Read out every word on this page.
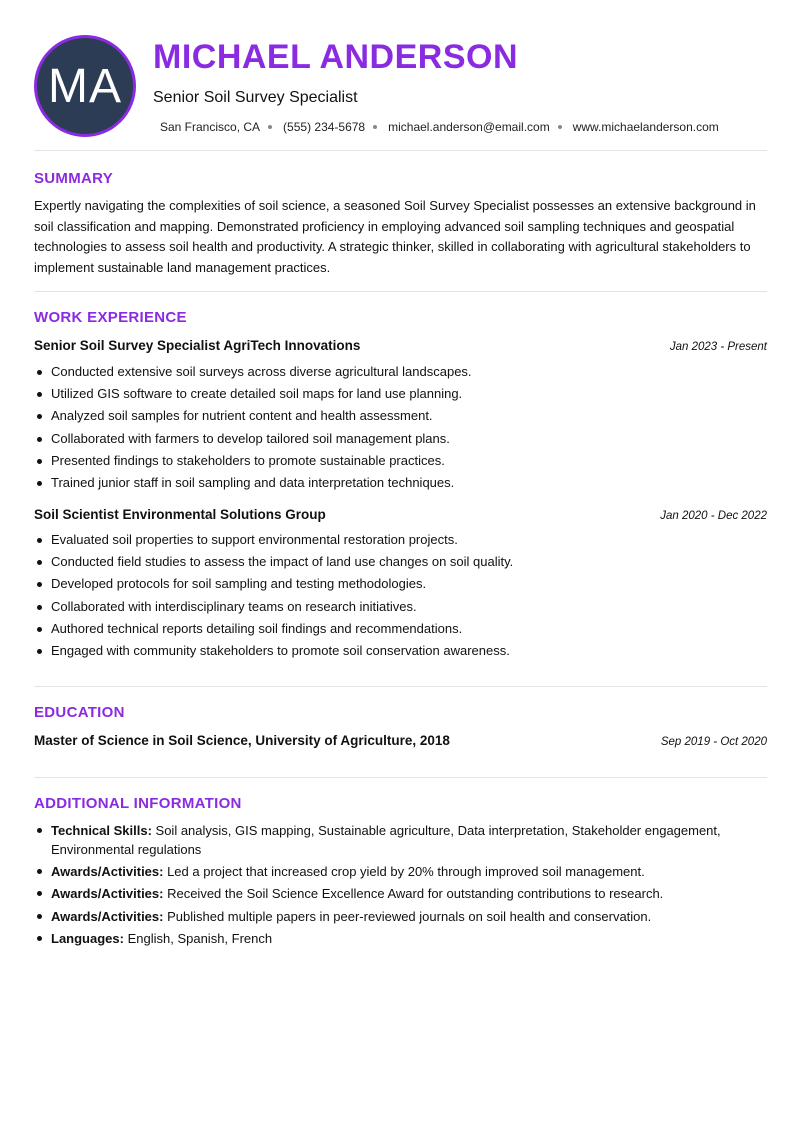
MA
MICHAEL ANDERSON
Senior Soil Survey Specialist
San Francisco, CA (555) 234-5678 michael.anderson@email.com www.michaelanderson.com
SUMMARY
Expertly navigating the complexities of soil science, a seasoned Soil Survey Specialist possesses an extensive background in soil classification and mapping. Demonstrated proficiency in employing advanced soil sampling techniques and geospatial technologies to assess soil health and productivity. A strategic thinker, skilled in collaborating with agricultural stakeholders to implement sustainable land management practices.
WORK EXPERIENCE
Senior Soil Survey Specialist AgriTech Innovations	Jan 2023 - Present
Conducted extensive soil surveys across diverse agricultural landscapes.
Utilized GIS software to create detailed soil maps for land use planning.
Analyzed soil samples for nutrient content and health assessment.
Collaborated with farmers to develop tailored soil management plans.
Presented findings to stakeholders to promote sustainable practices.
Trained junior staff in soil sampling and data interpretation techniques.
Soil Scientist Environmental Solutions Group	Jan 2020 - Dec 2022
Evaluated soil properties to support environmental restoration projects.
Conducted field studies to assess the impact of land use changes on soil quality.
Developed protocols for soil sampling and testing methodologies.
Collaborated with interdisciplinary teams on research initiatives.
Authored technical reports detailing soil findings and recommendations.
Engaged with community stakeholders to promote soil conservation awareness.
EDUCATION
Master of Science in Soil Science, University of Agriculture, 2018	Sep 2019 - Oct 2020
ADDITIONAL INFORMATION
Technical Skills: Soil analysis, GIS mapping, Sustainable agriculture, Data interpretation, Stakeholder engagement, Environmental regulations
Awards/Activities: Led a project that increased crop yield by 20% through improved soil management.
Awards/Activities: Received the Soil Science Excellence Award for outstanding contributions to research.
Awards/Activities: Published multiple papers in peer-reviewed journals on soil health and conservation.
Languages: English, Spanish, French
